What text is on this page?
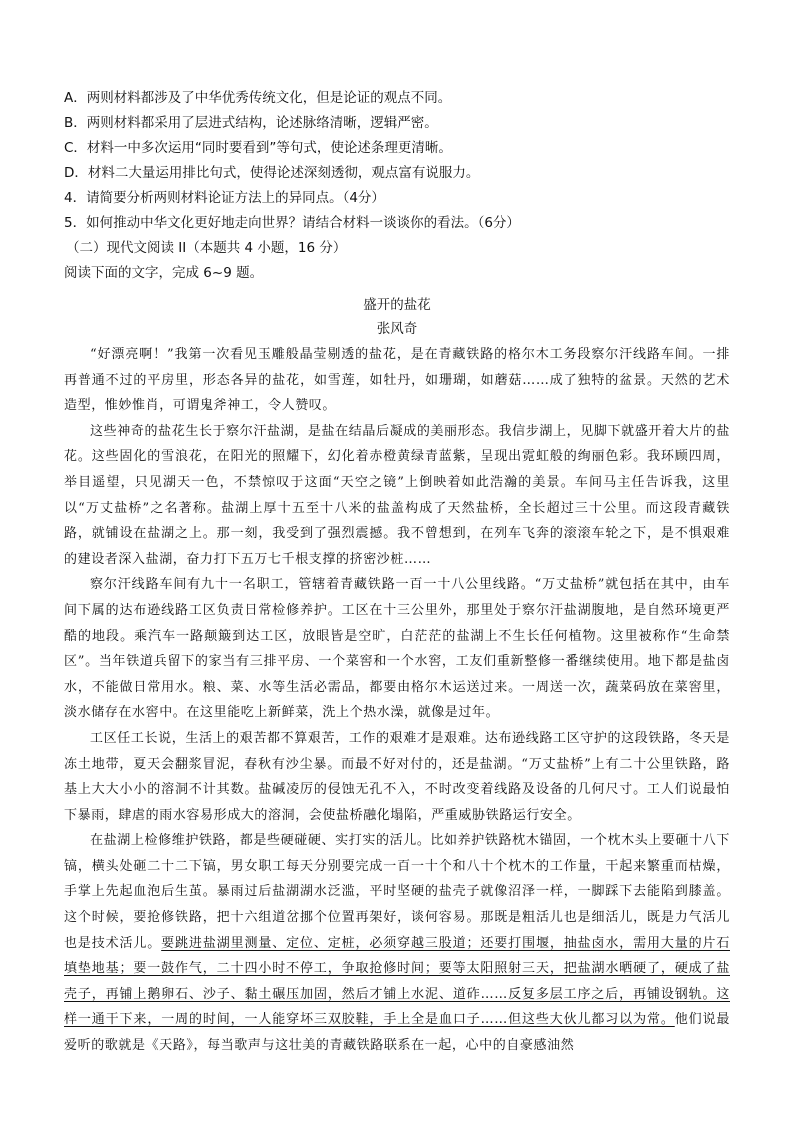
A．两则材料都涉及了中华优秀传统文化，但是论证的观点不同。

B．两则材料都采用了层进式结构，论述脉络清晰，逻辑严密。

C．材料一中多次运用“同时要看到”等句式，使论述条理更清晰。

D．材料二大量运用排比句式，使得论述深刻透彻，观点富有说服力。

4．请简要分析两则材料论证方法上的异同点。（4分）

5．如何推动中华文化更好地走向世界？请结合材料一谈谈你的看法。（6分）

（二）现代文阅读 II（本题共 4 小题，16 分）

阅读下面的文字，完成 6~9 题。

盛开的盐花

张风奇

“好漂亮啊！”我第一次看见玉雕般晶莹剔透的盐花，是在青藏铁路的格尔木工务段察尔汗线路车间。一排再普通不过的平房里，形态各异的盐花，如雪莲，如牡丹，如珊瑚，如蘑菇……成了独特的盆景。天然的艺术造型，惟妙惟肖，可谓鬼斧神工，令人赞叹。

这些神奇的盐花生长于察尔汗盐湖，是盐在结晶后凝成的美丽形态。我信步湖上，见脚下就盛开着大片的盐花。这些固化的雪浪花，在阳光的照耀下，幻化着赤橙黄绿青蓝紫，呈现出霓虹般的绚丽色彩。我环顾四周，举目遥望，只见湖天一色，不禁惊叹于这面“天空之镜”上倒映着如此浩瀚的美景。车间马主任告诉我，这里以“万丈盐桥”之名著称。盐湖上厚十五至十八米的盐盖构成了天然盐桥，全长超过三十公里。而这段青藏铁路，就铺设在盐湖之上。那一刻，我受到了强烈震撼。我不曾想到，在列车飞奔的滚滚车轮之下，是不惧艰难的建设者深入盐湖，奋力打下五万七千根支撑的挤密沙桩……

察尔汗线路车间有九十一名职工，管辖着青藏铁路一百一十八公里线路。“万丈盐桥”就包括在其中，由车间下属的达布逊线路工区负责日常检修养护。工区在十三公里外，那里处于察尔汗盐湖腹地，是自然环境更严酷的地段。乘汽车一路颠簸到达工区，放眼皆是空旷，白茫茫的盐湖上不生长任何植物。这里被称作“生命禁区”。当年铁道兵留下的家当有三排平房、一个菜窖和一个水窖，工友们重新整修一番继续使用。地下都是盐卤水，不能做日常用水。粮、菜、水等生活必需品，都要由格尔木运送过来。一周送一次，蔬菜码放在菜窖里，淡水储存在水窖中。在这里能吃上新鲜菜，洗上个热水澡，就像是过年。

工区任工长说，生活上的艰苦都不算艰苦，工作的艰难才是艰难。达布逊线路工区守护的这段铁路，冬天是冻土地带，夏天会翻浆冒泥，春秋有沙尘暴。而最不好对付的，还是盐湖。“万丈盐桥”上有二十公里铁路，路基上大大小小的溶洞不计其数。盐碱凌厉的侵蚀无孔不入，不时改变着线路及设备的几何尺寸。工人们说最怕下暴雨，肆虐的雨水容易形成大的溶洞，会使盐桥融化塌陷，严重威胁铁路运行安全。

在盐湖上检修维护铁路，都是些硬碰硬、实打实的活儿。比如养护铁路枕木锚固，一个枕木头上要砸十八下镐，横头处砸二十二下镐，男女职工每天分别要完成一百一十个和八十个枕木的工作量，干起来繁重而枯燥，手掌上先起血泡后生茧。暴雨过后盐湖湖水泛滥，平时坚硬的盐壳子就像沼泽一样，一脚踩下去能陷到膝盖。这个时候，要抢修铁路，把十六组道岔挪个位置再架好，谈何容易。那既是粗活儿也是细活儿，既是力气活儿也是技术活儿。要跳进盐湖里测量、定位、定桩，必须穿越三股道；还要打围堰，抽盐卤水，需用大量的片石填垫地基；要一鼓作气，二十四小时不停工，争取抢修时间；要等太阳照射三天，把盐湖水晒硬了，硬成了盐壳子，再铺上鹅卵石、沙子、黏土碾压加固，然后才铺上水泥、道砟……反复多层工序之后，再铺设钢轨。这样一通干下来，一周的时间，一人能穿坏三双胶鞋，手上全是血口子……但这些大伙儿都习以为常。他们说最爱听的歌就是《天路》，每当歌声与这壮美的青藏铁路联系在一起，心中的自豪感油然
